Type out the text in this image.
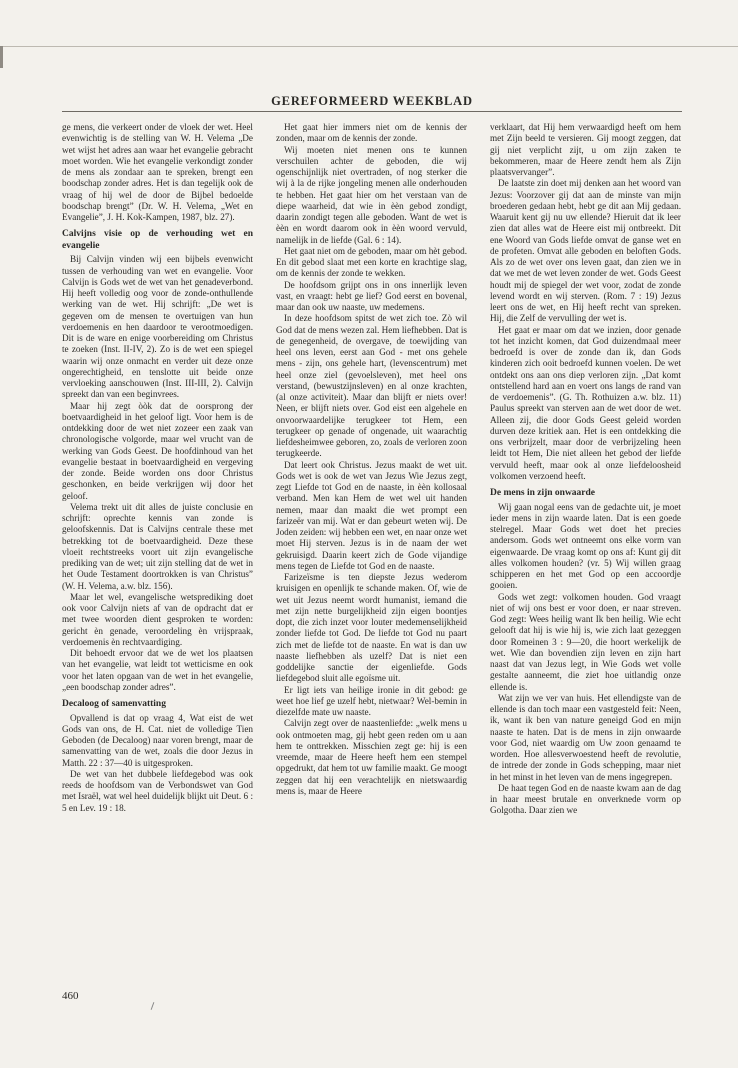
GEREFORMEERD WEEKBLAD

ge mens, die verkeert onder de vloek der wet. Heel evenwichtig is de stelling van W. H. Velema „De wet wijst het adres aan waar het evangelie gebracht moet worden. Wie het evangelie verkondigt zonder de mens als zondaar aan te spreken, brengt een boodschap zonder adres. Het is dan tegelijk ook de vraag of hij wel de door de Bijbel bedoelde boodschap brengt” (Dr. W. H. Velema, „Wet en Evangelie”, J. H. Kok-Kampen, 1987, blz. 27).

Calvijns visie op de verhouding wet en evangelie

Bij Calvijn vinden wij een bijbels evenwicht tussen de verhouding van wet en evangelie. Voor Calvijn is Gods wet de wet van het genadeverbond. Hij heeft volledig oog voor de zonde-onthullende werking van de wet. Hij schrijft: „De wet is gegeven om de mensen te overtuigen van hun verdoemenis en hen daardoor te verootmoedigen. Dit is de ware en enige voorbereiding om Christus te zoeken (Inst. II-IV, 2). Zo is de wet een spiegel waarin wij onze onmacht en verder uit deze onze ongerechtigheid, en tenslotte uit beide onze vervloeking aanschouwen (Inst. III-III, 2). Calvijn spreekt dan van een beginvrees.

Maar hij zegt òòk dat de oorsprong der boetvaardigheid in het geloof ligt. Voor hem is de ontdekking door de wet niet zozeer een zaak van chronologische volgorde, maar wel vrucht van de werking van Gods Geest. De hoofdinhoud van het evangelie bestaat in boetvaardigheid en vergeving der zonde. Beide worden ons door Christus geschonken, en beide verkrijgen wij door het geloof.

Velema trekt uit dit alles de juiste conclusie en schrijft: oprechte kennis van zonde is geloofskennis. Dat is Calvijns centrale these met betrekking tot de boetvaardigheid. Deze these vloeit rechtstreeks voort uit zijn evangelische prediking van de wet; uit zijn stelling dat de wet in het Oude Testament doortrokken is van Christus” (W. H. Velema, a.w. blz. 156).

Maar let wel, evangelische wetsprediking doet ook voor Calvijn niets af van de opdracht dat er met twee woorden dient gesproken te worden: gericht èn genade, veroordeling èn vrijspraak, verdoemenis èn rechtvaardiging.

Dit behoedt ervoor dat we de wet los plaatsen van het evangelie, wat leidt tot wetticisme en ook voor het laten opgaan van de wet in het evangelie, „een boodschap zonder adres”.

Decaloog of samenvatting

Opvallend is dat op vraag 4, Wat eist de wet Gods van ons, de H. Cat. niet de volledige Tien Geboden (de Decaloog) naar voren brengt, maar de samenvatting van de wet, zoals die door Jezus in Matth. 22 : 37—40 is uitgesproken.

De wet van het dubbele liefdegebod was ook reeds de hoofdsom van de Verbondswet van God met Israël, wat wel heel duidelijk blijkt uit Deut. 6 : 5 en Lev. 19 : 18.

Het gaat hier immers niet om de kennis der zonden, maar om de kennis der zonde.

Wij moeten niet menen ons te kunnen verschuilen achter de geboden, die wij ogenschijnlijk niet overtraden, of nog sterker die wij à la de rijke jongeling menen alle onderhouden te hebben. Het gaat hier om het verstaan van de diepe waarheid, dat wie in èèn gebod zondigt, daarin zondigt tegen alle geboden. Want de wet is èèn en wordt daarom ook in èèn woord vervuld, namelijk in de liefde (Gal. 6 : 14).

Het gaat niet om de geboden, maar om hèt gebod. En dit gebod slaat met een korte en krachtige slag, om de kennis der zonde te wekken.

De hoofdsom grijpt ons in ons innerlijk leven vast, en vraagt: hebt ge lief? God eerst en bovenal, maar dan ook uw naaste, uw medemens.

In deze hoofdsom spitst de wet zich toe. Zò wil God dat de mens wezen zal. Hem liefhebben. Dat is de genegenheid, de overgave, de toewijding van heel ons leven, eerst aan God - met ons gehele mens - zijn, ons gehele hart, (levenscentrum) met heel onze ziel (gevoelsleven), met heel ons verstand, (bewustzijnsleven) en al onze krachten, (al onze activiteit). Maar dan blijft er niets over! Neen, er blijft niets over. God eist een algehele en onvoorwaardelijke terugkeer tot Hem, een terugkeer op genade of ongenade, uit waarachtig liefdesheimwee geboren, zo, zoals de verloren zoon terugkeerde.

Dat leert ook Christus. Jezus maakt de wet uit. Gods wet is ook de wet van Jezus Wie Jezus zegt, zegt Liefde tot God en de naaste, in èèn kollosaal verband. Men kan Hem de wet wel uit handen nemen, maar dan maakt die wet prompt een farizeër van mij. Wat er dan gebeurt weten wij. De Joden zeiden: wij hebben een wet, en naar onze wet moet Hij sterven. Jezus is in de naam der wet gekruisigd. Daarin keert zich de Gode vijandige mens tegen de Liefde tot God en de naaste.

Farizeïsme is ten diepste Jezus wederom kruisigen en openlijk te schande maken. Of, wie de wet uit Jezus neemt wordt humanist, iemand die met zijn nette burgelijkheid zijn eigen boontjes dopt, die zich inzet voor louter medemenselijkheid zonder liefde tot God. De liefde tot God nu paart zich met de liefde tot de naaste. En wat is dan uw naaste liefhebben als uzelf? Dat is niet een goddelijke sanctie der eigenliefde. Gods liefdegebod sluit alle egoïsme uit.

Er ligt iets van heilige ironie in dit gebod: ge weet hoe lief ge uzelf hebt, nietwaar? Wel-bemin in diezelfde mate uw naaste.

Calvijn zegt over de naastenliefde: „welk mens u ook ontmoeten mag, gij hebt geen reden om u aan hem te onttrekken. Misschien zegt ge: hij is een vreemde, maar de Heere heeft hem een stempel opgedrukt, dat hem tot uw familie maakt. Ge moogt zeggen dat hij een verachtelijk en nietswaardig mens is, maar de Heere

verklaart, dat Hij hem verwaardigd heeft om hem met Zijn beeld te versieren. Gij moogt zeggen, dat gij niet verplicht zijt, u om zijn zaken te bekommeren, maar de Heere zendt hem als Zijn plaatsvervanger”.

De laatste zin doet mij denken aan het woord van Jezus: Voorzover gij dat aan de minste van mijn broederen gedaan hebt, hebt ge dit aan Mij gedaan. Waaruit kent gij nu uw ellende? Hieruit dat ik leer zien dat alles wat de Heere eist mij ontbreekt. Dit ene Woord van Gods liefde omvat de ganse wet en de profeten. Omvat alle geboden en beloften Gods. Als zo de wet over ons leven gaat, dan zien we in dat we met de wet leven zonder de wet. Gods Geest houdt mij de spiegel der wet voor, zodat de zonde levend wordt en wij sterven. (Rom. 7 : 19) Jezus leert ons de wet, en Hij heeft recht van spreken. Hij, die Zelf de vervulling der wet is.

Het gaat er maar om dat we inzien, door genade tot het inzicht komen, dat God duizendmaal meer bedroefd is over de zonde dan ik, dan Gods kinderen zich ooit bedroefd kunnen voelen. De wet ontdekt ons aan ons diep verloren zijn. „Dat komt ontstellend hard aan en voert ons langs de rand van de verdoemenis”. (G. Th. Rothuizen a.w. blz. 11) Paulus spreekt van sterven aan de wet door de wet. Alleen zij, die door Gods Geest geleid worden durven deze kritiek aan. Het is een ontdekking die ons verbrijzelt, maar door de verbrijzeling heen leidt tot Hem, Die niet alleen het gebod der liefde vervuld heeft, maar ook al onze liefdeloosheid volkomen verzoend heeft.

De mens in zijn onwaarde

Wij gaan nogal eens van de gedachte uit, je moet ieder mens in zijn waarde laten. Dat is een goede stelregel. Maar Gods wet doet het precies andersom. Gods wet ontneemt ons elke vorm van eigenwaarde. De vraag komt op ons af: Kunt gij dit alles volkomen houden? (vr. 5) Wij willen graag schipperen en het met God op een accoordje gooien.

Gods wet zegt: volkomen houden. God vraagt niet of wij ons best er voor doen, er naar streven. God zegt: Wees heilig want Ik ben heilig. Wie echt gelooft dat hij is wie hij is, wie zich laat gezeggen door Romeinen 3 : 9—20, die hoort werkelijk de wet. Wie dan bovendien zijn leven en zijn hart naast dat van Jezus legt, in Wie Gods wet volle gestalte aanneemt, die ziet hoe uitlandig onze ellende is.

Wat zijn we ver van huis. Het ellendigste van de ellende is dan toch maar een vastgesteld feit: Neen, ik, want ik ben van nature geneigd God en mijn naaste te haten. Dat is de mens in zijn onwaarde voor God, niet waardig om Uw zoon genaamd te worden. Hoe allesverwoestend heeft de revolutie, de intrede der zonde in Gods schepping, maar niet in het minst in het leven van de mens ingegrepen.

De haat tegen God en de naaste kwam aan de dag in haar meest brutale en onverknede vorm op Golgotha. Daar zien we

460
